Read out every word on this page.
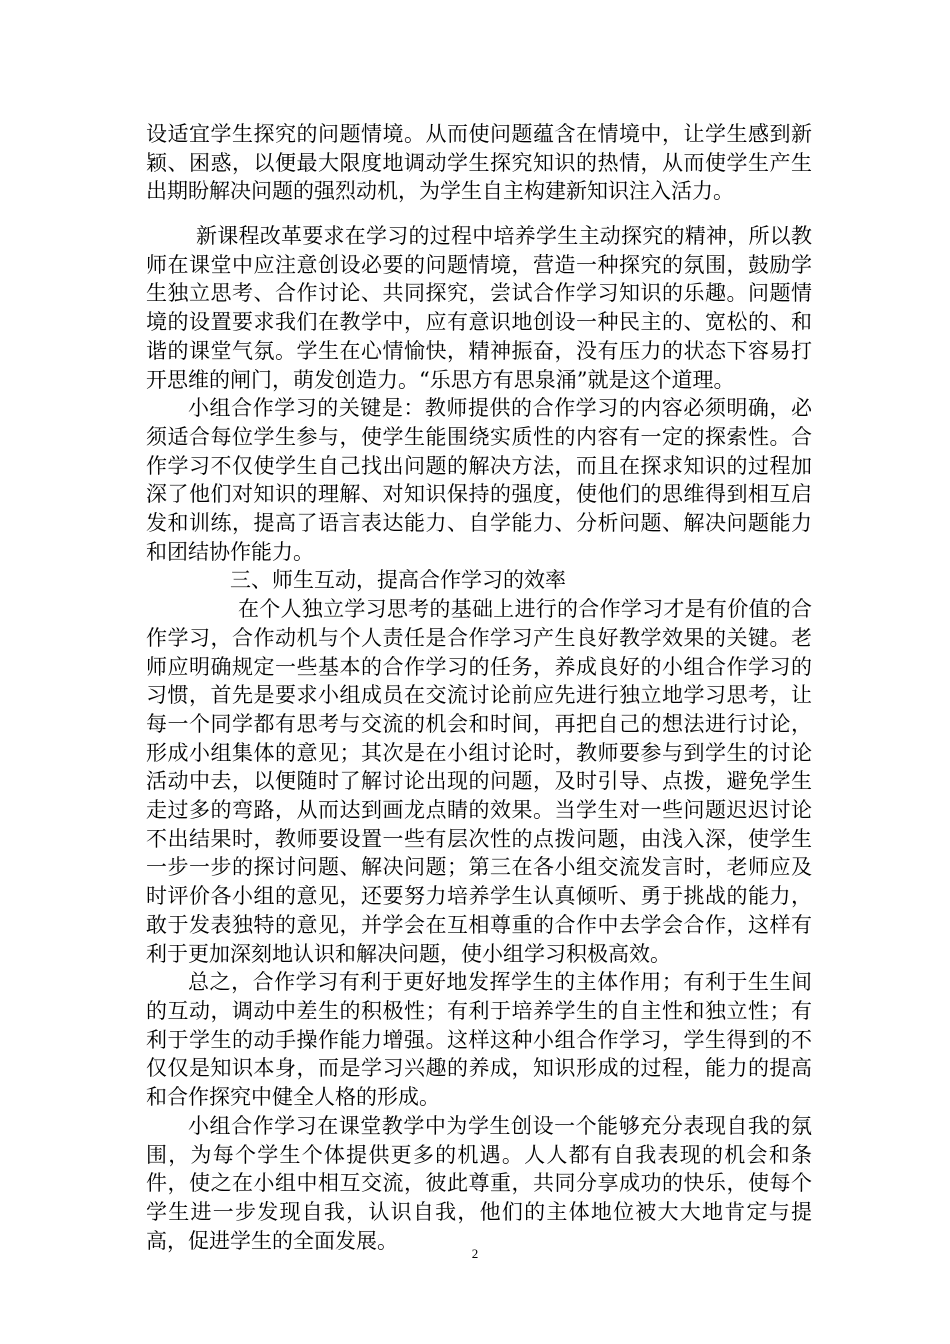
设适宜学生探究的问题情境。从而使问题蕴含在情境中，让学生感到新颖、困惑，以便最大限度地调动学生探究知识的热情，从而使学生产生出期盼解决问题的强烈动机，为学生自主构建新知识注入活力。

新课程改革要求在学习的过程中培养学生主动探究的精神，所以教师在课堂中应注意创设必要的问题情境，营造一种探究的氛围，鼓励学生独立思考、合作讨论、共同探究，尝试合作学习知识的乐趣。问题情境的设置要求我们在教学中，应有意识地创设一种民主的、宽松的、和谐的课堂气氛。学生在心情愉快，精神振奋，没有压力的状态下容易打开思维的闸门，萌发创造力。“乐思方有思泉涌”就是这个道理。

小组合作学习的关键是：教师提供的合作学习的内容必须明确，必须适合每位学生参与，使学生能围绕实质性的内容有一定的探索性。合作学习不仅使学生自己找出问题的解决方法，而且在探求知识的过程加深了他们对知识的理解、对知识保持的强度，使他们的思维得到相互启发和训练，提高了语言表达能力、自学能力、分析问题、解决问题能力和团结协作能力。

三、师生互动，提高合作学习的效率

在个人独立学习思考的基础上进行的合作学习才是有价值的合作学习，合作动机与个人责任是合作学习产生良好教学效果的关键。老师应明确规定一些基本的合作学习的任务，养成良好的小组合作学习的习惯，首先是要求小组成员在交流讨论前应先进行独立地学习思考，让每一个同学都有思考与交流的机会和时间，再把自己的想法进行讨论，形成小组集体的意见；其次是在小组讨论时，教师要参与到学生的讨论活动中去，以便随时了解讨论出现的问题，及时引导、点拨，避免学生走过多的弯路，从而达到画龙点睛的效果。当学生对一些问题迟迟讨论不出结果时，教师要设置一些有层次性的点拨问题，由浅入深，使学生一步一步的探讨问题、解决问题；第三在各小组交流发言时，老师应及时评价各小组的意见，还要努力培养学生认真倾听、勇于挑战的能力，敢于发表独特的意见，并学会在互相尊重的合作中去学会合作，这样有利于更加深刻地认识和解决问题，使小组学习积极高效。

总之，合作学习有利于更好地发挥学生的主体作用；有利于生生间的互动，调动中差生的积极性；有利于培养学生的自主性和独立性；有利于学生的动手操作能力增强。这样这种小组合作学习，学生得到的不仅仅是知识本身，而是学习兴趣的养成，知识形成的过程，能力的提高和合作探究中健全人格的形成。

小组合作学习在课堂教学中为学生创设一个能够充分表现自我的氛围，为每个学生个体提供更多的机遇。人人都有自我表现的机会和条件，使之在小组中相互交流，彼此尊重，共同分享成功的快乐，使每个学生进一步发现自我，认识自我，他们的主体地位被大大地肯定与提高，促进学生的全面发展。

2
